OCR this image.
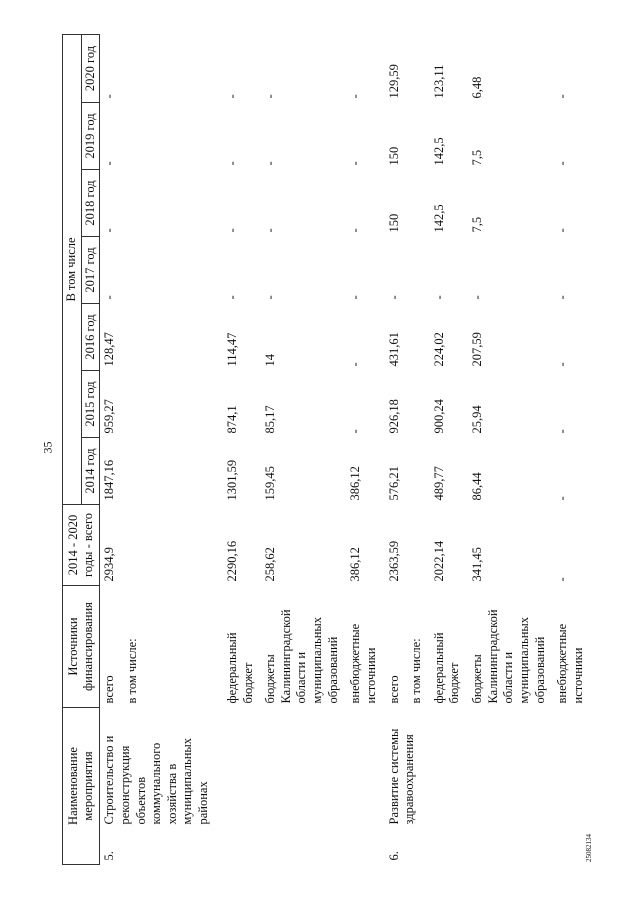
35
25082134
Наименование мероприятия		Источники финансирования	2014 - 2020 годы - всего	В том числе						
				2014 год	2015 год	2016 год	2017 год	2018 год	2019 год	2020 год
5.	Строительство и реконструкция объектов коммунального хозяйства в муниципальных районах	всего	2934,9	1847,16	959,27	128,47	-	-	-	-
		в том числе:								
		федеральный бюджет	2290,16	1301,59	874,1	114,47	-	-	-	-
		бюджеты Калининградской области и муниципальных образований	258,62	159,45	85,17	14	-	-	-	-
		внебюджетные источники	386,12	386,12	-	-	-	-	-	-
6.	Развитие системы здравоохранения	всего	2363,59	576,21	926,18	431,61	-	150	150	129,59
		в том числе:								
		федеральный бюджет	2022,14	489,77	900,24	224,02	-	142,5	142,5	123,11
		бюджеты Калининградской области и муниципальных образований	341,45	86,44	25,94	207,59	-	7,5	7,5	6,48
		внебюджетные источники	-	-	-	-	-	-	-	-
